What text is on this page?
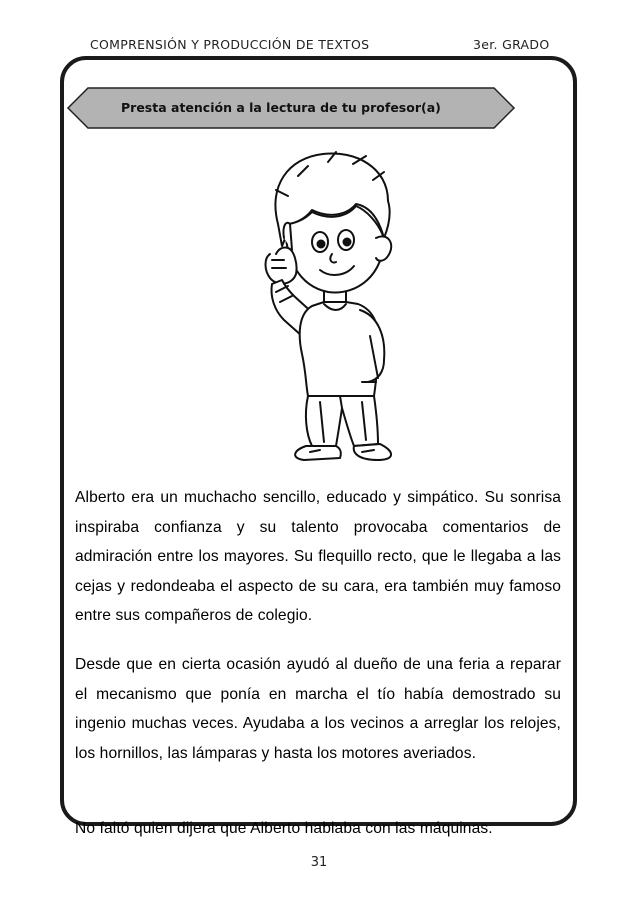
COMPRENSIÓN Y PRODUCCIÓN DE TEXTOS	3er. GRADO
Presta atención a la lectura de tu profesor(a)
Alberto era un muchacho sencillo, educado y simpático. Su sonrisa inspiraba confianza y su talento provocaba comentarios de admiración entre los mayores. Su flequillo recto, que le llegaba a las cejas y redondeaba el aspecto de su cara, era también muy famoso entre sus compañeros de colegio.
Desde que en cierta ocasión ayudó al dueño de una feria a reparar el mecanismo que ponía en marcha el tío había demostrado su ingenio muchas veces. Ayudaba a los vecinos a arreglar los relojes, los hornillos, las lámparas y hasta los motores averiados.
No faltó quien dijera que Alberto hablaba con las máquinas.
31
